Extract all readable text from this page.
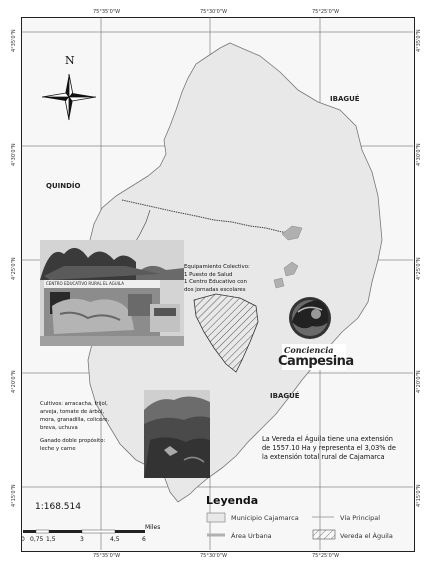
75°35'0"W	75°30'0"W	75°25'0"W
75°35'0"W	75°30'0"W	75°25'0"W
4°35'0"N
4°30'0"N
4°25'0"N
4°20'0"N
4°15'0"N
4°35'0"N
4°30'0"N
4°25'0"N
4°20'0"N
4°15'0"N
N
IBAGUÉ
QUINDÍO
IBAGUÉ
CENTRO EDUCATIVO RURAL EL AGUILA
Equipamiento Colectivo:
1 Puesto de Salud
1 Centro Educativo con
dos jornadas escolares
Conciencia
Campesina
Cultivos: arracacha, frijol,
arveja, tomate de árbol,
mora, granadilla, colicero,
breva, uchuva
Ganado doble propósito:
leche y carne
La Vereda el Águila tiene una extensión
de 1557.10 Ha y representa el 3,03% de
la extensión total rural de Cajamarca
1:168.514
Miles
0 0,75 1,5	3	4,5	6
Leyenda
Municipio Cajamarca	Vía Principal
Área Urbana	Vereda el Águila
